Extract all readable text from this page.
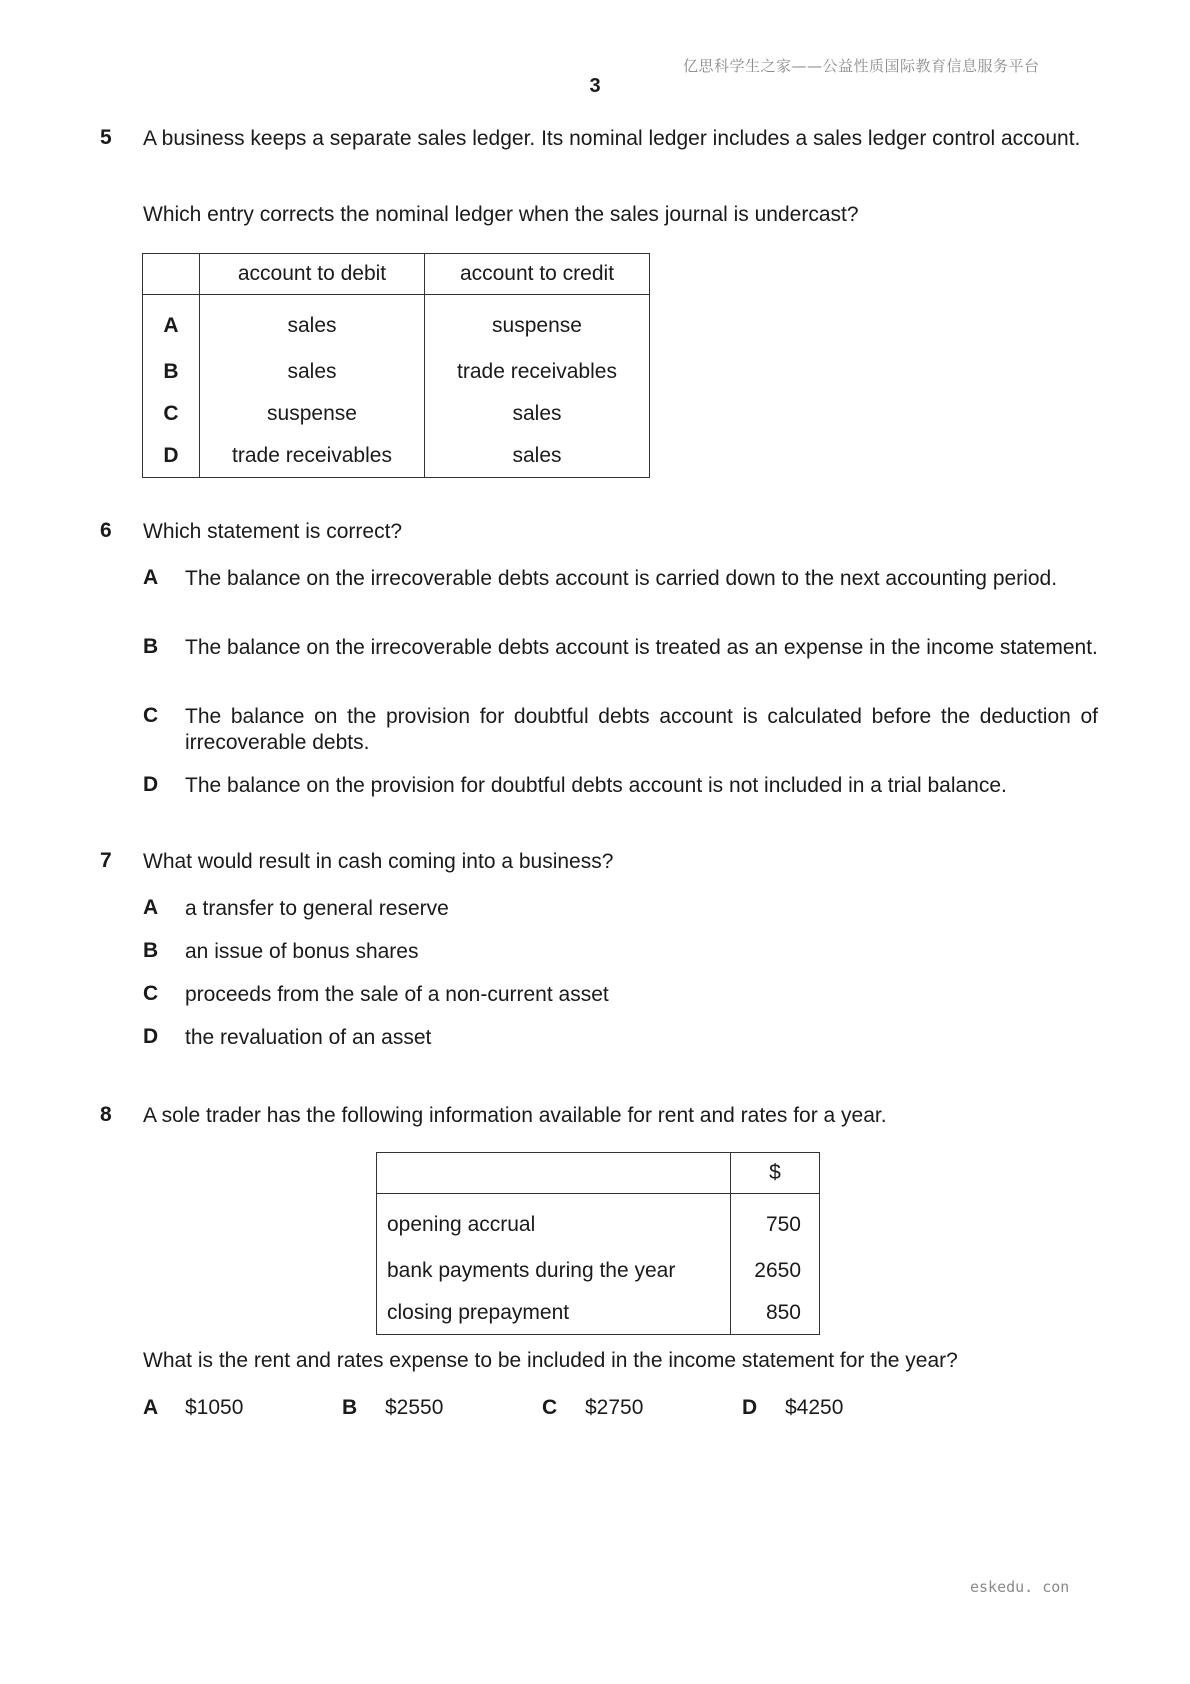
亿思科学生之家——公益性质国际教育信息服务平台
3
5 A business keeps a separate sales ledger. Its nominal ledger includes a sales ledger control account.
Which entry corrects the nominal ledger when the sales journal is undercast?
	account to debit	account to credit
A	sales	suspense
B	sales	trade receivables
C	suspense	sales
D	trade receivables	sales
6 Which statement is correct?
A The balance on the irrecoverable debts account is carried down to the next accounting period.
B The balance on the irrecoverable debts account is treated as an expense in the income statement.
C The balance on the provision for doubtful debts account is calculated before the deduction of irrecoverable debts.
D The balance on the provision for doubtful debts account is not included in a trial balance.
7 What would result in cash coming into a business?
A a transfer to general reserve
B an issue of bonus shares
C proceeds from the sale of a non-current asset
D the revaluation of an asset
8 A sole trader has the following information available for rent and rates for a year.
	$
opening accrual	750
bank payments during the year	2650
closing prepayment	850
What is the rent and rates expense to be included in the income statement for the year?
A $1050	B $2550	C $2750	D $4250
eskedu. con
